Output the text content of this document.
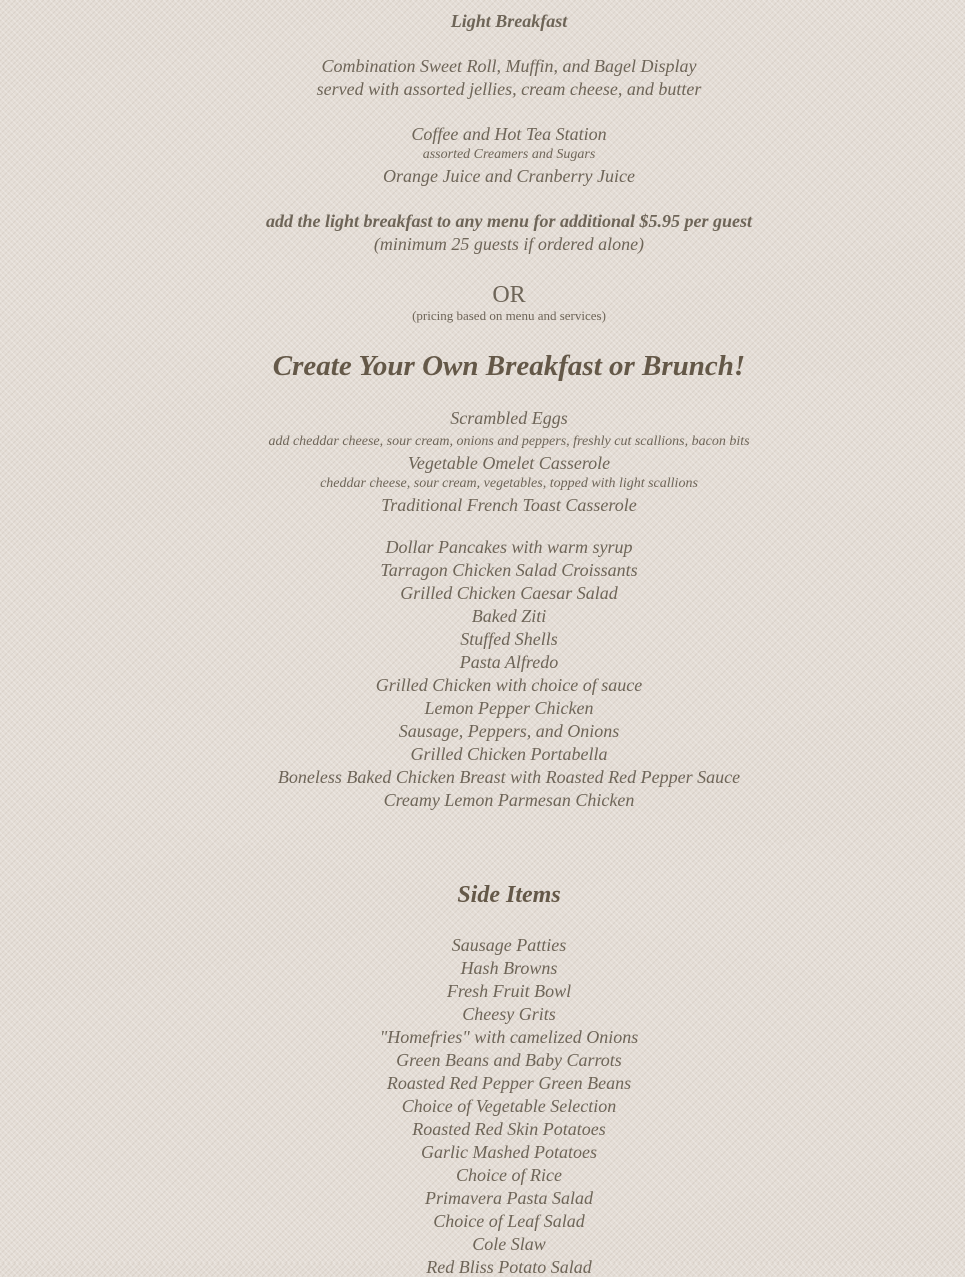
Light Breakfast
Combination Sweet Roll, Muffin, and Bagel Display
served with assorted jellies, cream cheese, and butter
Coffee and Hot Tea Station
assorted Creamers and Sugars
Orange Juice and Cranberry Juice
add the light breakfast to any menu for additional $5.95 per guest
(minimum 25 guests if ordered alone)
OR
(pricing based on menu and services)
Create Your Own Breakfast or Brunch!
Scrambled Eggs
add cheddar cheese, sour cream, onions and peppers, freshly cut scallions, bacon bits
Vegetable Omelet Casserole
cheddar cheese, sour cream, vegetables, topped with light scallions
Traditional French Toast Casserole
Dollar Pancakes with warm syrup
Tarragon Chicken Salad Croissants
Grilled Chicken Caesar Salad
Baked Ziti
Stuffed Shells
Pasta Alfredo
Grilled Chicken with choice of sauce
Lemon Pepper Chicken
Sausage, Peppers, and Onions
Grilled Chicken Portabella
Boneless Baked Chicken Breast with Roasted Red Pepper Sauce
Creamy Lemon Parmesan Chicken
Side Items
Sausage Patties
Hash Browns
Fresh Fruit Bowl
Cheesy Grits
"Homefries" with camelized Onions
Green Beans and Baby Carrots
Roasted Red Pepper Green Beans
Choice of Vegetable Selection
Roasted Red Skin Potatoes
Garlic Mashed Potatoes
Choice of Rice
Primavera Pasta Salad
Choice of Leaf Salad
Cole Slaw
Red Bliss Potato Salad
